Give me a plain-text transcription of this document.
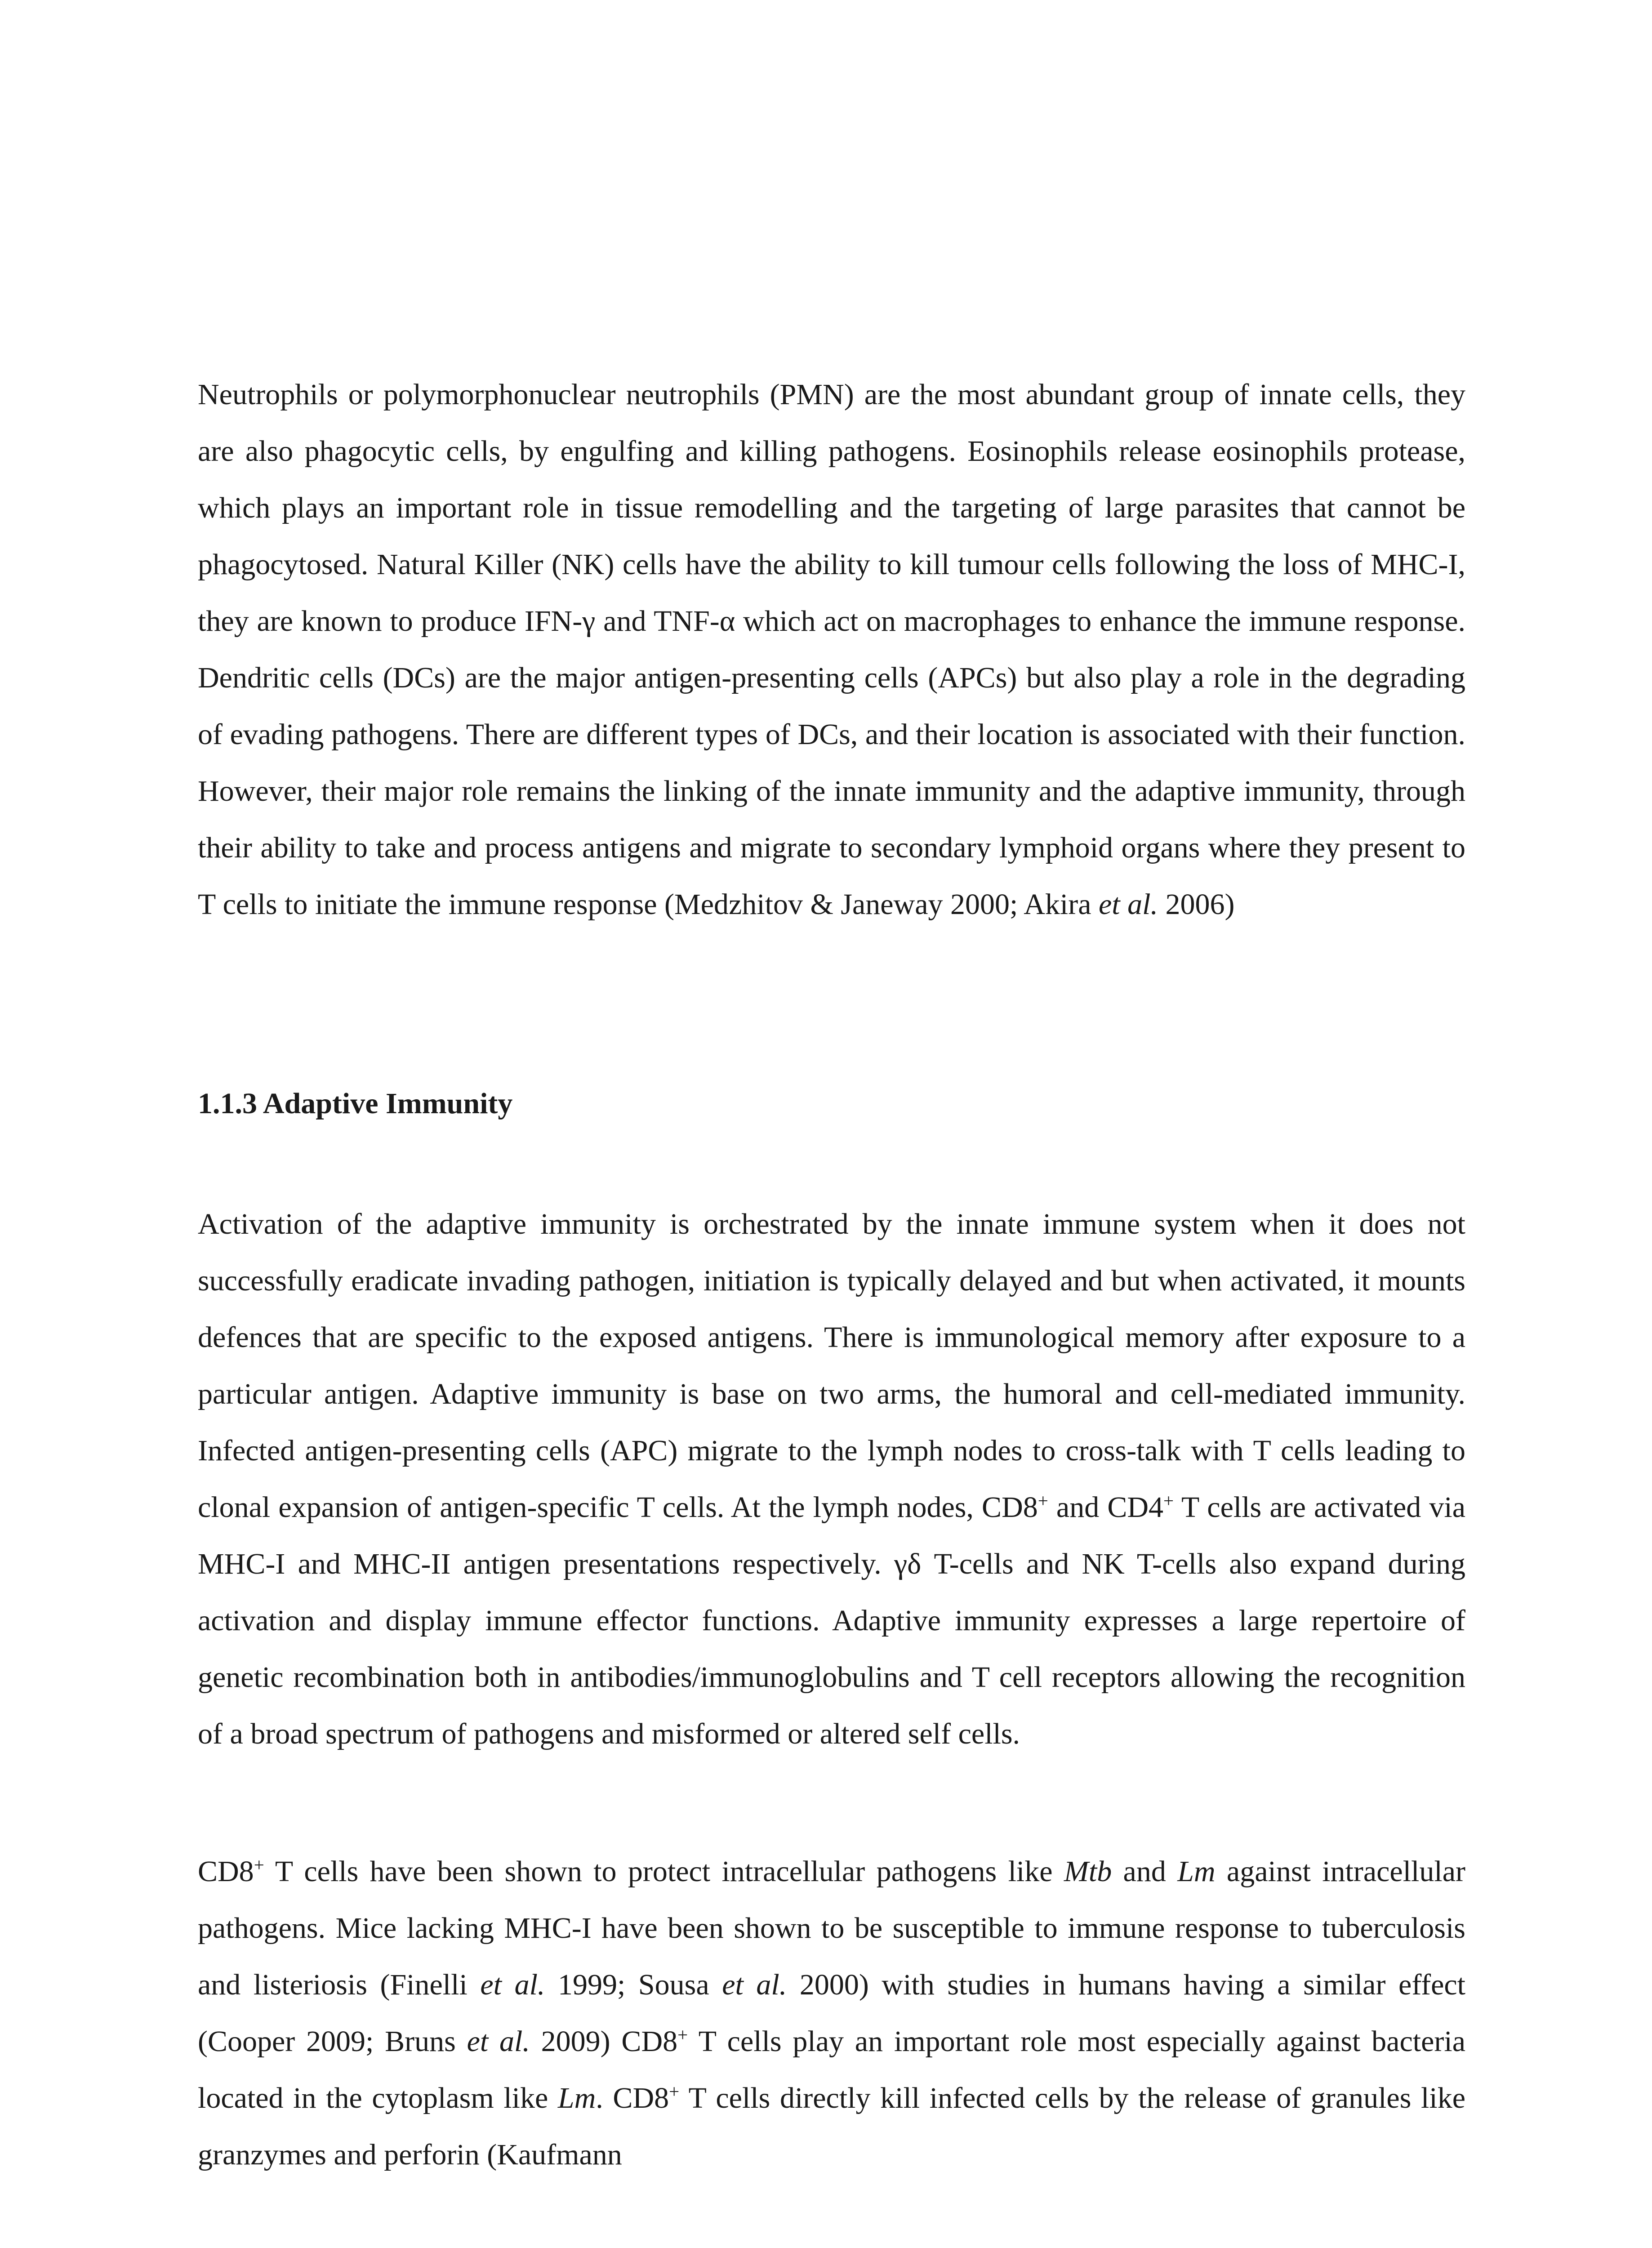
Neutrophils or polymorphonuclear neutrophils (PMN) are the most abundant group of innate cells, they are also phagocytic cells, by engulfing and killing pathogens. Eosinophils release eosinophils protease, which plays an important role in tissue remodelling and the targeting of large parasites that cannot be phagocytosed. Natural Killer (NK) cells have the ability to kill tumour cells following the loss of MHC-I, they are known to produce IFN-γ and TNF-α which act on macrophages to enhance the immune response. Dendritic cells (DCs) are the major antigen-presenting cells (APCs) but also play a role in the degrading of evading pathogens. There are different types of DCs, and their location is associated with their function. However, their major role remains the linking of the innate immunity and the adaptive immunity, through their ability to take and process antigens and migrate to secondary lymphoid organs where they present to T cells to initiate the immune response (Medzhitov & Janeway 2000; Akira et al. 2006)

1.1.3 Adaptive Immunity

Activation of the adaptive immunity is orchestrated by the innate immune system when it does not successfully eradicate invading pathogen, initiation is typically delayed and but when activated, it mounts defences that are specific to the exposed antigens. There is immunological memory after exposure to a particular antigen. Adaptive immunity is base on two arms, the humoral and cell-mediated immunity. Infected antigen-presenting cells (APC) migrate to the lymph nodes to cross-talk with T cells leading to clonal expansion of antigen-specific T cells. At the lymph nodes, CD8+ and CD4+ T cells are activated via MHC-I and MHC-II antigen presentations respectively. γδ T-cells and NK T-cells also expand during activation and display immune effector functions. Adaptive immunity expresses a large repertoire of genetic recombination both in antibodies/immunoglobulins and T cell receptors allowing the recognition of a broad spectrum of pathogens and misformed or altered self cells.

CD8+ T cells have been shown to protect intracellular pathogens like Mtb and Lm against intracellular pathogens. Mice lacking MHC-I have been shown to be susceptible to immune response to tuberculosis and listeriosis (Finelli et al. 1999; Sousa et al. 2000) with studies in humans having a similar effect (Cooper 2009; Bruns et al. 2009) CD8+ T cells play an important role most especially against bacteria located in the cytoplasm like Lm. CD8+ T cells directly kill infected cells by the release of granules like granzymes and perforin (Kaufmann
